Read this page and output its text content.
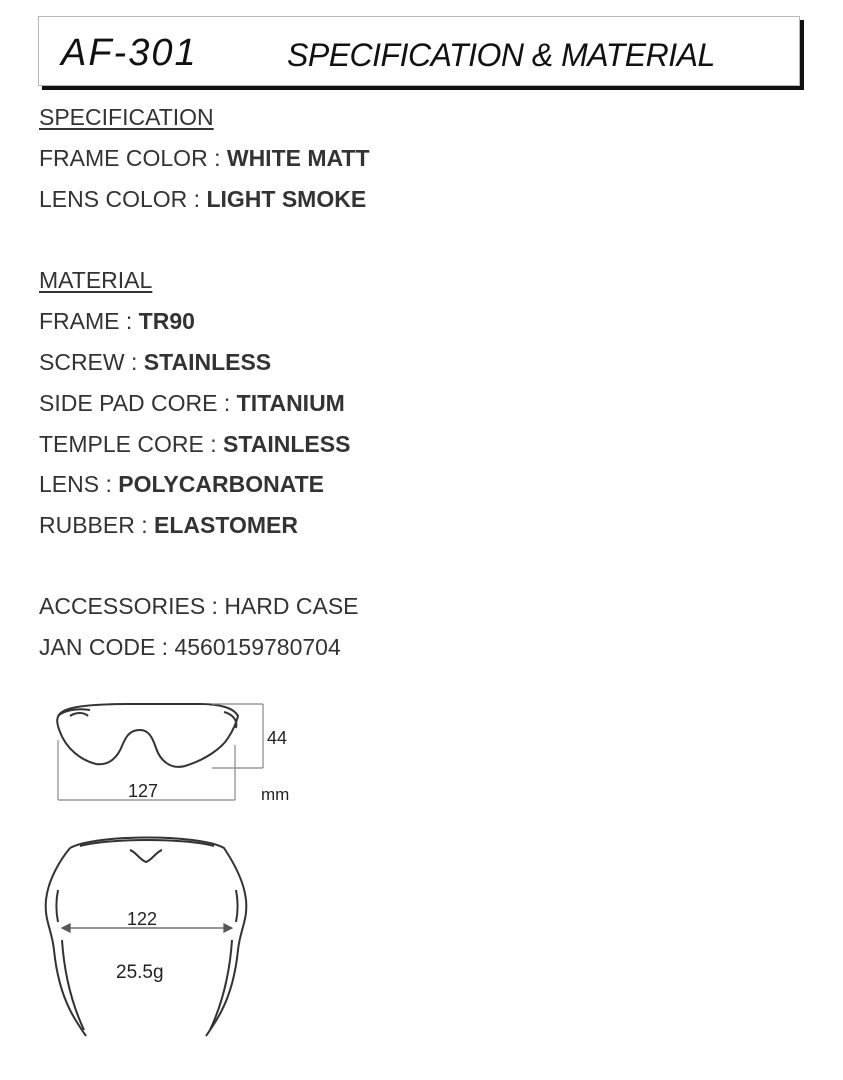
AF-301	SPECIFICATION & MATERIAL
SPECIFICATION
FRAME COLOR : WHITE MATT
LENS COLOR : LIGHT SMOKE
MATERIAL
FRAME : TR90
SCREW : STAINLESS
SIDE PAD CORE : TITANIUM
TEMPLE CORE : STAINLESS
LENS : POLYCARBONATE
RUBBER : ELASTOMER
ACCESSORIES : HARD CASE
JAN CODE : 4560159780704
44
127	mm
122
25.5g
